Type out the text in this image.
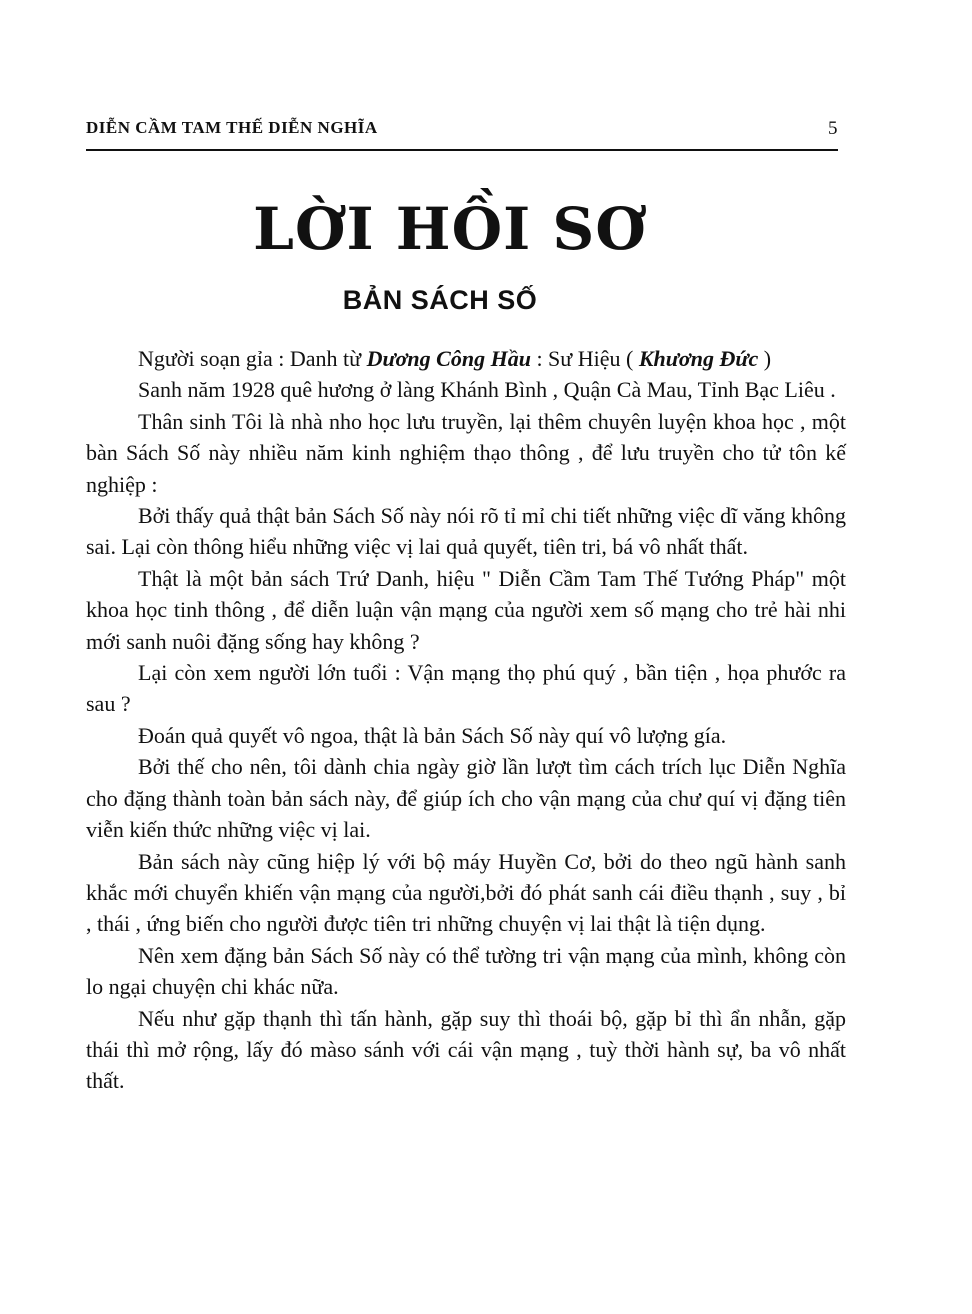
DIỄN CẦM TAM THẾ DIỄN NGHĨA	5
LỜI HỒI SƠ
BẢN SÁCH SỐ

Người soạn gỉa : Danh từ Dương Công Hầu : Sư Hiệu ( Khương Đức )

Sanh năm 1928 quê hương ở làng Khánh Bình , Quận Cà Mau, Tỉnh Bạc Liêu .

Thân sinh Tôi là nhà nho học lưu truyền, lại thêm chuyên luyện khoa học , một bàn Sách Số này nhiều năm kinh nghiệm thạo thông , để lưu truyền cho tử tôn kế nghiệp :

Bởi thấy quả thật bản Sách Số này nói rõ tỉ mỉ chi tiết những việc dĩ văng không sai. Lại còn thông hiểu những việc vị lai quả quyết, tiên tri, bá vô nhất thất.

Thật là một bản sách Trứ Danh, hiệu " Diễn Cầm Tam Thế Tướng Pháp" một khoa học tinh thông , để diễn luận vận mạng của người xem số mạng cho trẻ hài nhi mới sanh nuôi đặng sống hay không ?

Lại còn xem người lớn tuổi : Vận mạng thọ phú quý , bần tiện , họa phước ra sau ?

Đoán quả quyết vô ngoa, thật là bản Sách Số này quí vô lượng gía.

Bởi thế cho nên, tôi dành chia ngày giờ lần lượt tìm cách trích lục Diễn Nghĩa cho đặng thành toàn bản sách này, để giúp ích cho vận mạng của chư quí vị đặng tiên viễn kiến thức những việc vị lai.

Bản sách này cũng hiệp lý với bộ máy Huyền Cơ, bởi do theo ngũ hành sanh khắc mới chuyển khiến vận mạng của người,bởi đó phát sanh cái điều thạnh , suy , bỉ , thái , ứng biến cho người được tiên tri những chuyện vị lai thật là tiện dụng.

Nên xem đặng bản Sách Số này có thể tường tri vận mạng của mình, không còn lo ngại chuyện chi khác nữa.

Nếu như gặp thạnh thì tấn hành, gặp suy thì thoái bộ, gặp bỉ thì ẩn nhẫn, gặp thái thì mở rộng, lấy đó màso sánh với cái vận mạng , tuỳ thời hành sự, ba vô nhất thất.
